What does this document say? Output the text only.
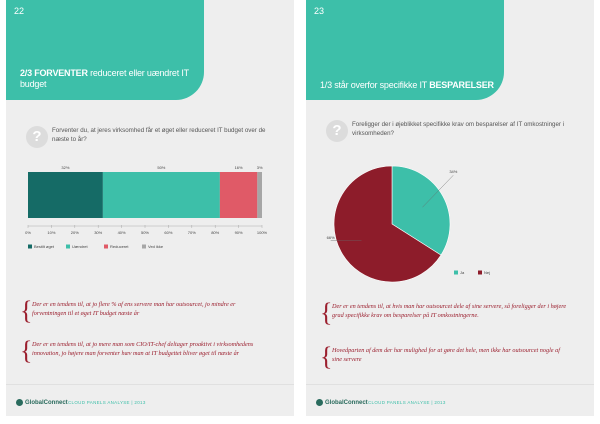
22
2/3 FORVENTER reduceret eller uændret IT budget
?	Forventer du, at jeres virksomhed får et øget eller reduceret IT budget over de næste to år?
32%	50%	16%	3%
0%	10%	20%	30%	40%	50%	60%	70%	80%	90%	100%
Bestilt øget	Uændret	Reduceret	Ved ikke
{ Der er en tendens til, at jo flere % af ens servere man har outsourcet, jo mindre er forventningen til et øget IT budget næste år
{ Der er en tendens til, at jo mere man som CIO/IT-chef deltager proaktivt i virksomhedens innovation, jo højere man forventer hæv man at IT budgettet bliver øget til næste år
GlobalConnect CLOUD PANELS ANALYSE | 2013
23
1/3 står overfor specifikke IT BESPARELSER
?	Foreligger der i øjeblikket specifikke krav om besparelser af IT omkostninger i virksomheden?
34%
66%
Ja	Nej
{ Der er en tendens til, at hvis man har outsourcet dele af sine servere, så foreligger der i højere grad specifikke krav om besparelser på IT omkostningerne.
{ Hovedparten af dem der har mulighed for at gøre det hele, men ikke har outsourcet nogle af sine servere
GlobalConnect CLOUD PANELS ANALYSE | 2013
